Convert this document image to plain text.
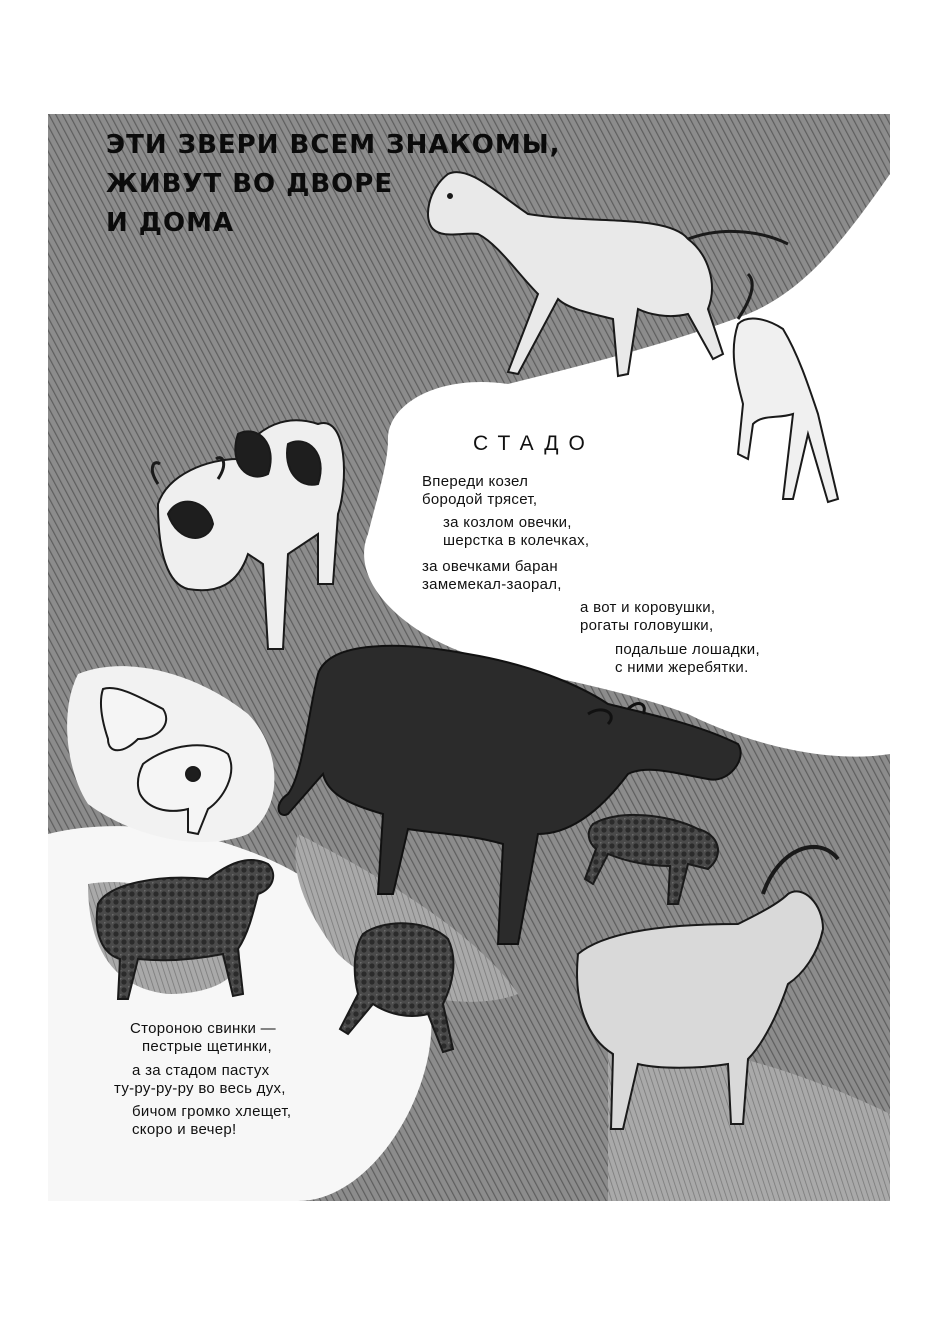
ЭТИ ЗВЕРИ ВСЕМ ЗНАКОМЫ,
ЖИВУТ ВО ДВОРЕ
И ДОМА
СТАДО
Впереди козел
бородой трясет,
за козлом овечки,
шерстка в колечках,
за овечками баран
замемекал-заорал,
а вот и коровушки,
рогаты головушки,
подальше лошадки,
с ними жеребятки.
Стороною свинки —
пестрые щетинки,
а за стадом пастух
ту-ру-ру-ру во весь дух,
бичом громко хлещет,
скоро и вечер!
